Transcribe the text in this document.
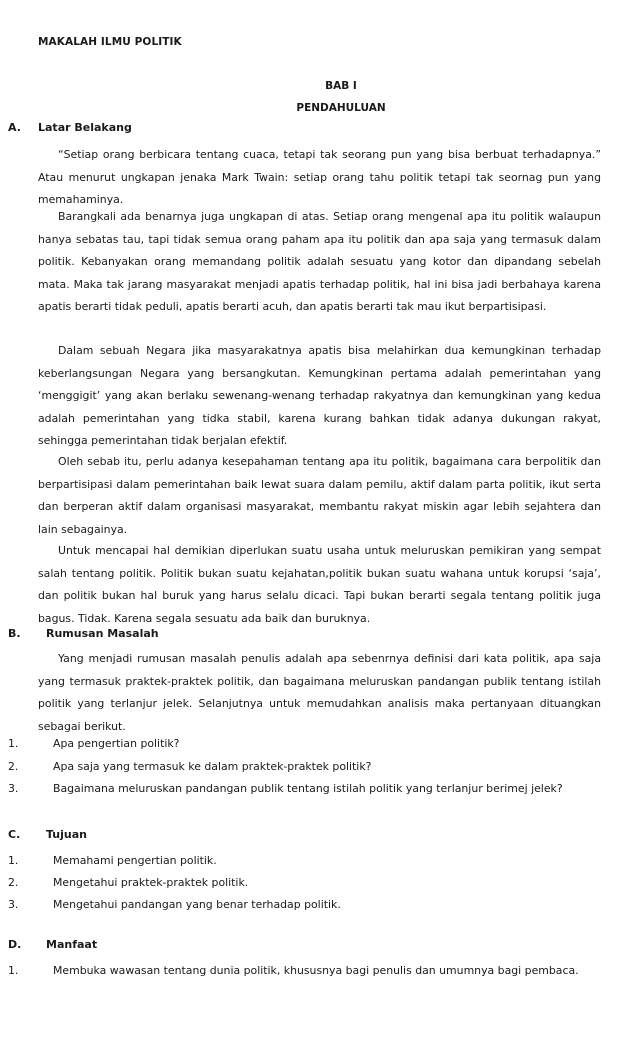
MAKALAH ILMU POLITIK
BAB I
PENDAHULUAN
A. Latar Belakang

“Setiap orang berbicara tentang cuaca, tetapi tak seorang pun yang bisa berbuat terhadapnya.” Atau menurut ungkapan jenaka Mark Twain: setiap orang tahu politik tetapi tak seornag pun yang memahaminya.

Barangkali ada benarnya juga ungkapan di atas. Setiap orang mengenal apa itu politik walaupun hanya sebatas tau, tapi tidak semua orang paham apa itu politik dan apa saja yang termasuk dalam politik. Kebanyakan orang memandang politik adalah sesuatu yang kotor dan dipandang sebelah mata. Maka tak jarang masyarakat menjadi apatis terhadap politik, hal ini bisa jadi berbahaya karena apatis berarti tidak peduli, apatis berarti acuh, dan apatis berarti tak mau ikut berpartisipasi.

Dalam sebuah Negara jika masyarakatnya apatis bisa melahirkan dua kemungkinan terhadap keberlangsungan Negara yang bersangkutan. Kemungkinan pertama adalah pemerintahan yang ‘menggigit’ yang akan berlaku sewenang-wenang terhadap rakyatnya dan kemungkinan yang kedua adalah pemerintahan yang tidka stabil, karena kurang bahkan tidak adanya dukungan rakyat, sehingga pemerintahan tidak berjalan efektif.

Oleh sebab itu, perlu adanya kesepahaman tentang apa itu politik, bagaimana cara berpolitik dan berpartisipasi dalam pemerintahan baik lewat suara dalam pemilu, aktif dalam parta politik, ikut serta dan berperan aktif dalam organisasi masyarakat, membantu rakyat miskin agar lebih sejahtera dan lain sebagainya.

Untuk mencapai hal demikian diperlukan suatu usaha untuk meluruskan pemikiran yang sempat salah tentang politik. Politik bukan suatu kejahatan,politik bukan suatu wahana untuk korupsi ‘saja’, dan politik bukan hal buruk yang harus selalu dicaci. Tapi bukan berarti segala tentang politik juga bagus. Tidak. Karena segala sesuatu ada baik dan buruknya.

B. Rumusan Masalah

Yang menjadi rumusan masalah penulis adalah apa sebenrnya definisi dari kata politik, apa saja yang termasuk praktek-praktek politik, dan bagaimana meluruskan pandangan publik tentang istilah politik yang terlanjur jelek. Selanjutnya untuk memudahkan analisis maka pertanyaan dituangkan sebagai berikut.

1.	Apa pengertian politik?
2.	Apa saja yang termasuk ke dalam praktek-praktek politik?
3.	Bagaimana meluruskan pandangan publik tentang istilah politik yang terlanjur berimej jelek?
C. Tujuan
1.	Memahami pengertian politik.
2.	Mengetahui praktek-praktek politik.
3.	Mengetahui pandangan yang benar terhadap politik.
D. Manfaat
1.	Membuka wawasan tentang dunia politik, khususnya bagi penulis dan umumnya bagi pembaca.
